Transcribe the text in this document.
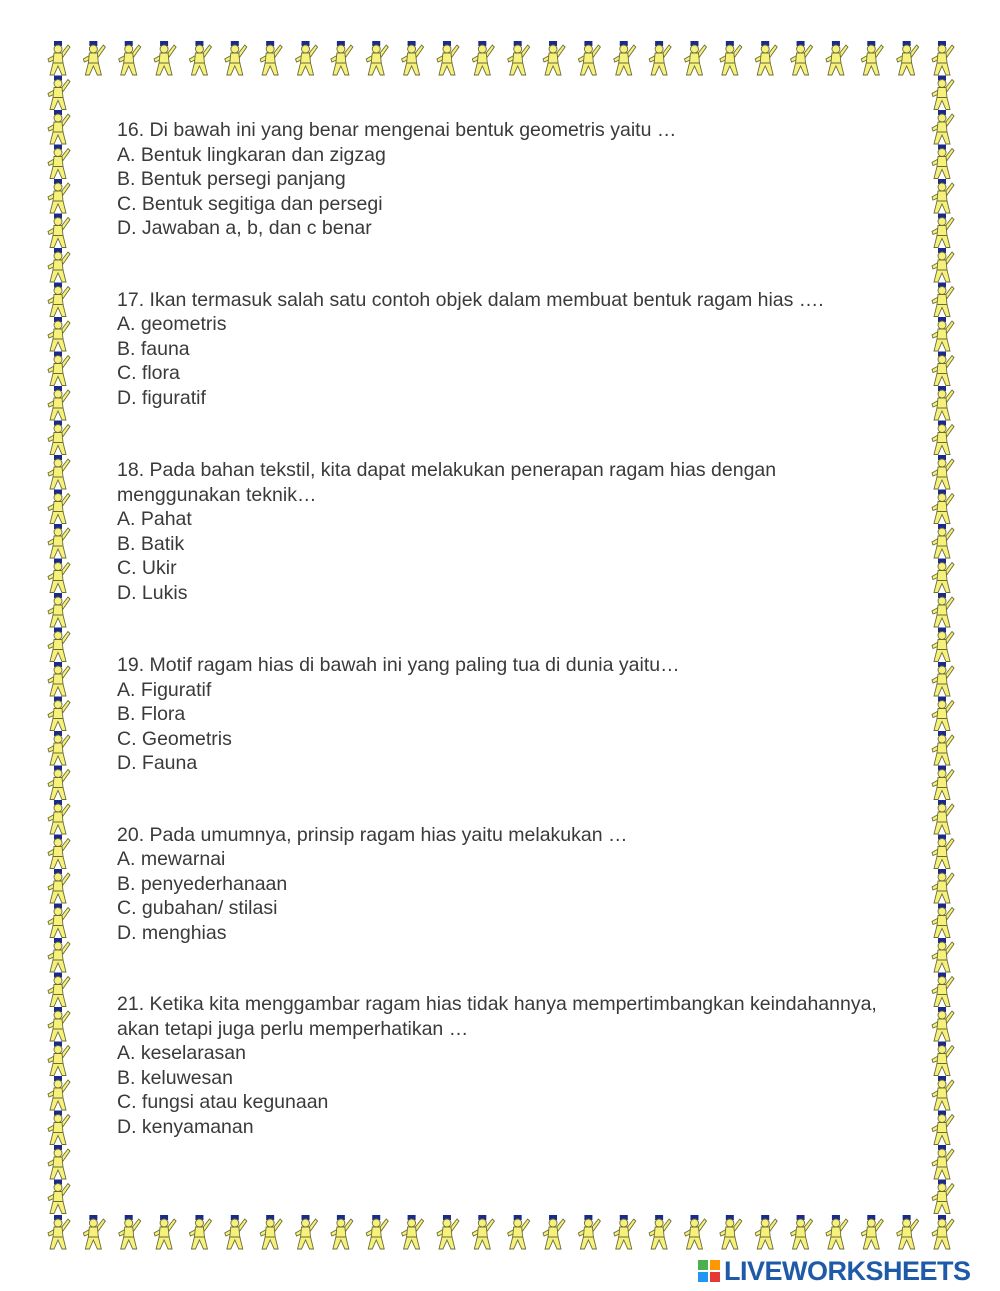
16. Di bawah ini yang benar mengenai bentuk geometris yaitu …
A. Bentuk lingkaran dan zigzag
B. Bentuk persegi panjang
C. Bentuk segitiga dan persegi
D. Jawaban a, b, dan c benar
17. Ikan termasuk salah satu contoh objek dalam membuat bentuk ragam hias ….
A. geometris
B. fauna
C. flora
D. figuratif
18. Pada bahan tekstil, kita dapat melakukan penerapan ragam hias dengan menggunakan teknik…
A. Pahat
B. Batik
C. Ukir
D. Lukis
19. Motif ragam hias di bawah ini yang paling tua di dunia yaitu…
A. Figuratif
B. Flora
C. Geometris
D. Fauna
20. Pada umumnya, prinsip ragam hias yaitu melakukan …
A. mewarnai
B. penyederhanaan
C. gubahan/ stilasi
D. menghias
21. Ketika kita menggambar ragam hias tidak hanya mempertimbangkan keindahannya, akan tetapi juga perlu memperhatikan …
A. keselarasan
B. keluwesan
C. fungsi atau kegunaan
D. kenyamanan
LIVEWORKSHEETS
